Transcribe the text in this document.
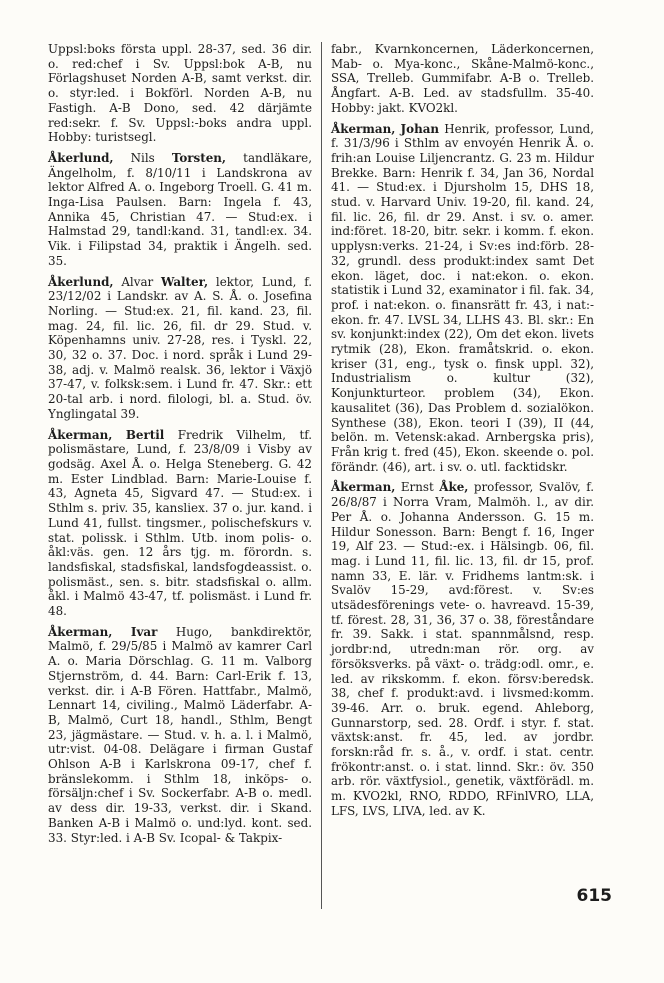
Uppsl:boks första uppl. 28-37, sed. 36 dir. o. red:chef i Sv. Uppsl:bok A-B, nu Förlagshuset Norden A-B, samt verkst. dir. o. styr:led. i Bokförl. Norden A-B, nu Fastigh. A-B Dono, sed. 42 därjämte red:sekr. f. Sv. Uppsl:-boks andra uppl. Hobby: turistsegl.

Åkerlund, Nils Torsten, tandläkare, Ängelholm, f. 8/10/11 i Landskrona av lektor Alfred A. o. Ingeborg Troell. G. 41 m. Inga-Lisa Paulsen. Barn: Ingela f. 43, Annika 45, Christian 47. — Stud:ex. i Halmstad 29, tandl:kand. 31, tandl:ex. 34. Vik. i Filipstad 34, praktik i Ängelh. sed. 35.

Åkerlund, Alvar Walter, lektor, Lund, f. 23/12/02 i Landskr. av A. S. Å. o. Josefina Norling. — Stud:ex. 21, fil. kand. 23, fil. mag. 24, fil. lic. 26, fil. dr 29. Stud. v. Köpenhamns univ. 27-28, res. i Tyskl. 22, 30, 32 o. 37. Doc. i nord. språk i Lund 29-38, adj. v. Malmö realsk. 36, lektor i Växjö 37-47, v. folksk:sem. i Lund fr. 47. Skr.: ett 20-tal arb. i nord. filologi, bl. a. Stud. öv. Ynglingatal 39.

Åkerman, Bertil Fredrik Vilhelm, tf. polismästare, Lund, f. 23/8/09 i Visby av godsäg. Axel Å. o. Helga Steneberg. G. 42 m. Ester Lindblad. Barn: Marie-Louise f. 43, Agneta 45, Sigvard 47. — Stud:ex. i Sthlm s. priv. 35, kansliex. 37 o. jur. kand. i Lund 41, fullst. tingsmer., polischefskurs v. stat. polissk. i Sthlm. Utb. inom polis- o. åkl:väs. gen. 12 års tjg. m. förordn. s. landsfiskal, stadsfiskal, landsfogdeassist. o. polismäst., sen. s. bitr. stadsfiskal o. allm. åkl. i Malmö 43-47, tf. polismäst. i Lund fr. 48.

Åkerman, Ivar Hugo, bankdirektör, Malmö, f. 29/5/85 i Malmö av kamrer Carl A. o. Maria Dörschlag. G. 11 m. Valborg Stjernström, d. 44. Barn: Carl-Erik f. 13, verkst. dir. i A-B Fören. Hattfabr., Malmö, Lennart 14, civiling., Malmö Läderfabr. A-B, Malmö, Curt 18, handl., Sthlm, Bengt 23, jägmästare. — Stud. v. h. a. l. i Malmö, utr:vist. 04-08. Delägare i firman Gustaf Ohlson A-B i Karlskrona 09-17, chef f. bränslekomm. i Sthlm 18, inköps- o. försäljn:chef i Sv. Sockerfabr. A-B o. medl. av dess dir. 19-33, verkst. dir. i Skand. Banken A-B i Malmö o. und:lyd. kont. sed. 33. Styr:led. i A-B Sv. Icopal- & Takpix-

fabr., Kvarnkoncernen, Läderkoncernen, Mab- o. Mya-konc., Skåne-Malmö-konc., SSA, Trelleb. Gummifabr. A-B o. Trelleb. Ångfart. A-B. Led. av stadsfullm. 35-40. Hobby: jakt. KVO2kl.

Åkerman, Johan Henrik, professor, Lund, f. 31/3/96 i Sthlm av envoyén Henrik Å. o. frih:an Louise Liljencrantz. G. 23 m. Hildur Brekke. Barn: Henrik f. 34, Jan 36, Nordal 41. — Stud:ex. i Djursholm 15, DHS 18, stud. v. Harvard Univ. 19-20, fil. kand. 24, fil. lic. 26, fil. dr 29. Anst. i sv. o. amer. ind:föret. 18-20, bitr. sekr. i komm. f. ekon. upplysn:verks. 21-24, i Sv:es ind:förb. 28-32, grundl. dess produkt:index samt Det ekon. läget, doc. i nat:ekon. o. ekon. statistik i Lund 32, examinator i fil. fak. 34, prof. i nat:ekon. o. finansrätt fr. 43, i nat:-ekon. fr. 47. LVSL 34, LLHS 43. Bl. skr.: En sv. konjunkt:index (22), Om det ekon. livets rytmik (28), Ekon. framåtskrid. o. ekon. kriser (31, eng., tysk o. finsk uppl. 32), Industrialism o. kultur (32), Konjunkturteor. problem (34), Ekon. kausalitet (36), Das Problem d. sozialökon. Synthese (38), Ekon. teori I (39), II (44, belön. m. Vetensk:akad. Arnbergska pris), Från krig t. fred (45), Ekon. skeende o. pol. förändr. (46), art. i sv. o. utl. facktidskr.

Åkerman, Ernst Åke, professor, Svalöv, f. 26/8/87 i Norra Vram, Malmöh. l., av dir. Per Å. o. Johanna Andersson. G. 15 m. Hildur Sonesson. Barn: Bengt f. 16, Inger 19, Alf 23. — Stud:-ex. i Hälsingb. 06, fil. mag. i Lund 11, fil. lic. 13, fil. dr 15, prof. namn 33, E. lär. v. Fridhems lantm:sk. i Svalöv 15-29, avd:förest. v. Sv:es utsädesförenings vete- o. havreavd. 15-39, tf. förest. 28, 31, 36, 37 o. 38, föreståndare fr. 39. Sakk. i stat. spannmålsnd, resp. jordbr:nd, utredn:man rör. org. av försöksverks. på växt- o. trädg:odl. omr., e. led. av rikskomm. f. ekon. försv:beredsk. 38, chef f. produkt:avd. i livsmed:komm. 39-46. Arr. o. bruk. egend. Ahleborg, Gunnarstorp, sed. 28. Ordf. i styr. f. stat. växtsk:anst. fr. 45, led. av jordbr. forskn:råd fr. s. å., v. ordf. i stat. centr. frökontr:anst. o. i stat. linnd. Skr.: öv. 350 arb. rör. växtfysiol., genetik, växtförädl. m. m. KVO2kl, RNO, RDDO, RFinlVRO, LLA, LFS, LVS, LIVA, led. av K.

615
